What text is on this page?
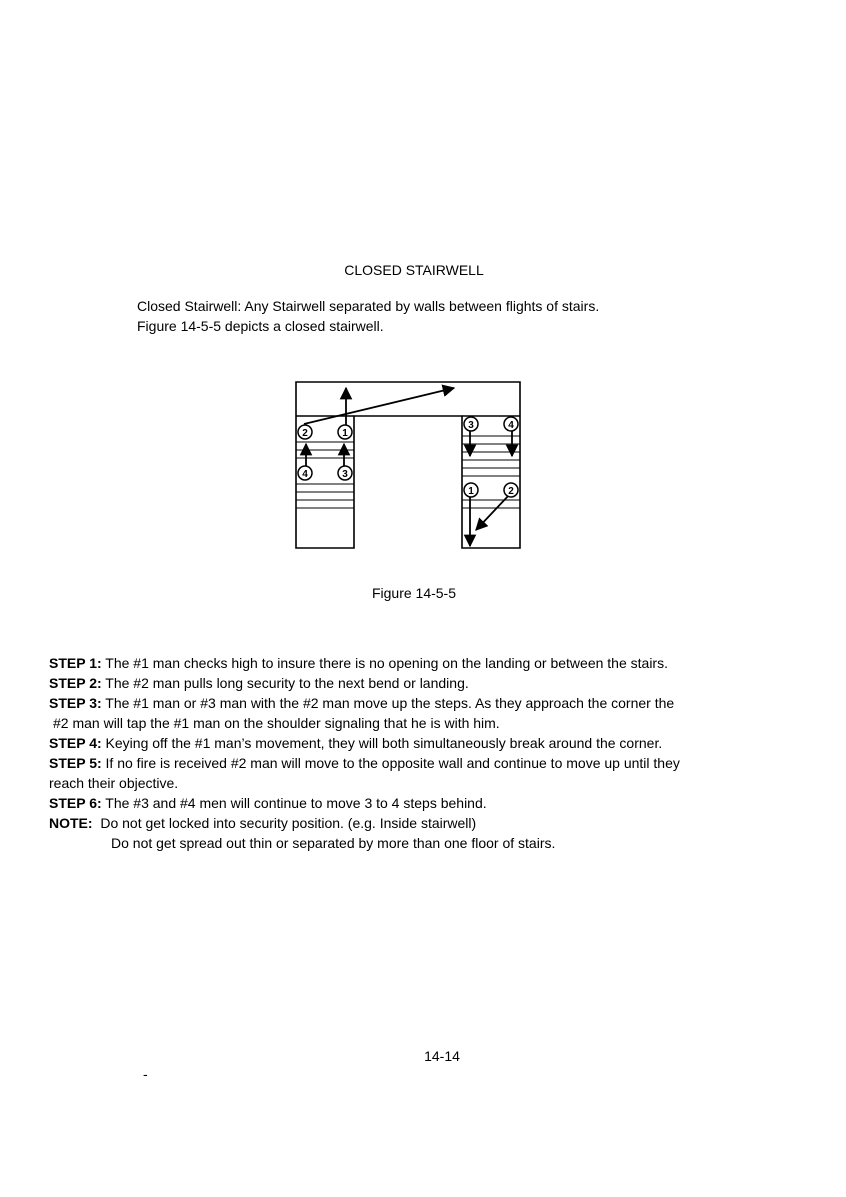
CLOSED STAIRWELL
Closed Stairwell: Any Stairwell separated by walls between flights of stairs.
Figure 14-5-5 depicts a closed stairwell.
2	1
4	3
3	4
1	2
Figure 14-5-5
STEP 1: The #1 man checks high to insure there is no opening on the landing or between the stairs.
STEP 2: The #2 man pulls long security to the next bend or landing.
STEP 3: The #1 man or #3 man with the #2 man move up the steps. As they approach the corner the
#2 man will tap the #1 man on the shoulder signaling that he is with him.
STEP 4: Keying off the #1 man’s movement, they will both simultaneously break around the corner.
STEP 5: If no fire is received #2 man will move to the opposite wall and continue to move up until they
reach their objective.
STEP 6: The #3 and #4 men will continue to move 3 to 4 steps behind.
NOTE:  Do not get locked into security position. (e.g. Inside stairwell)
Do not get spread out thin or separated by more than one floor of stairs.
14-14
-
